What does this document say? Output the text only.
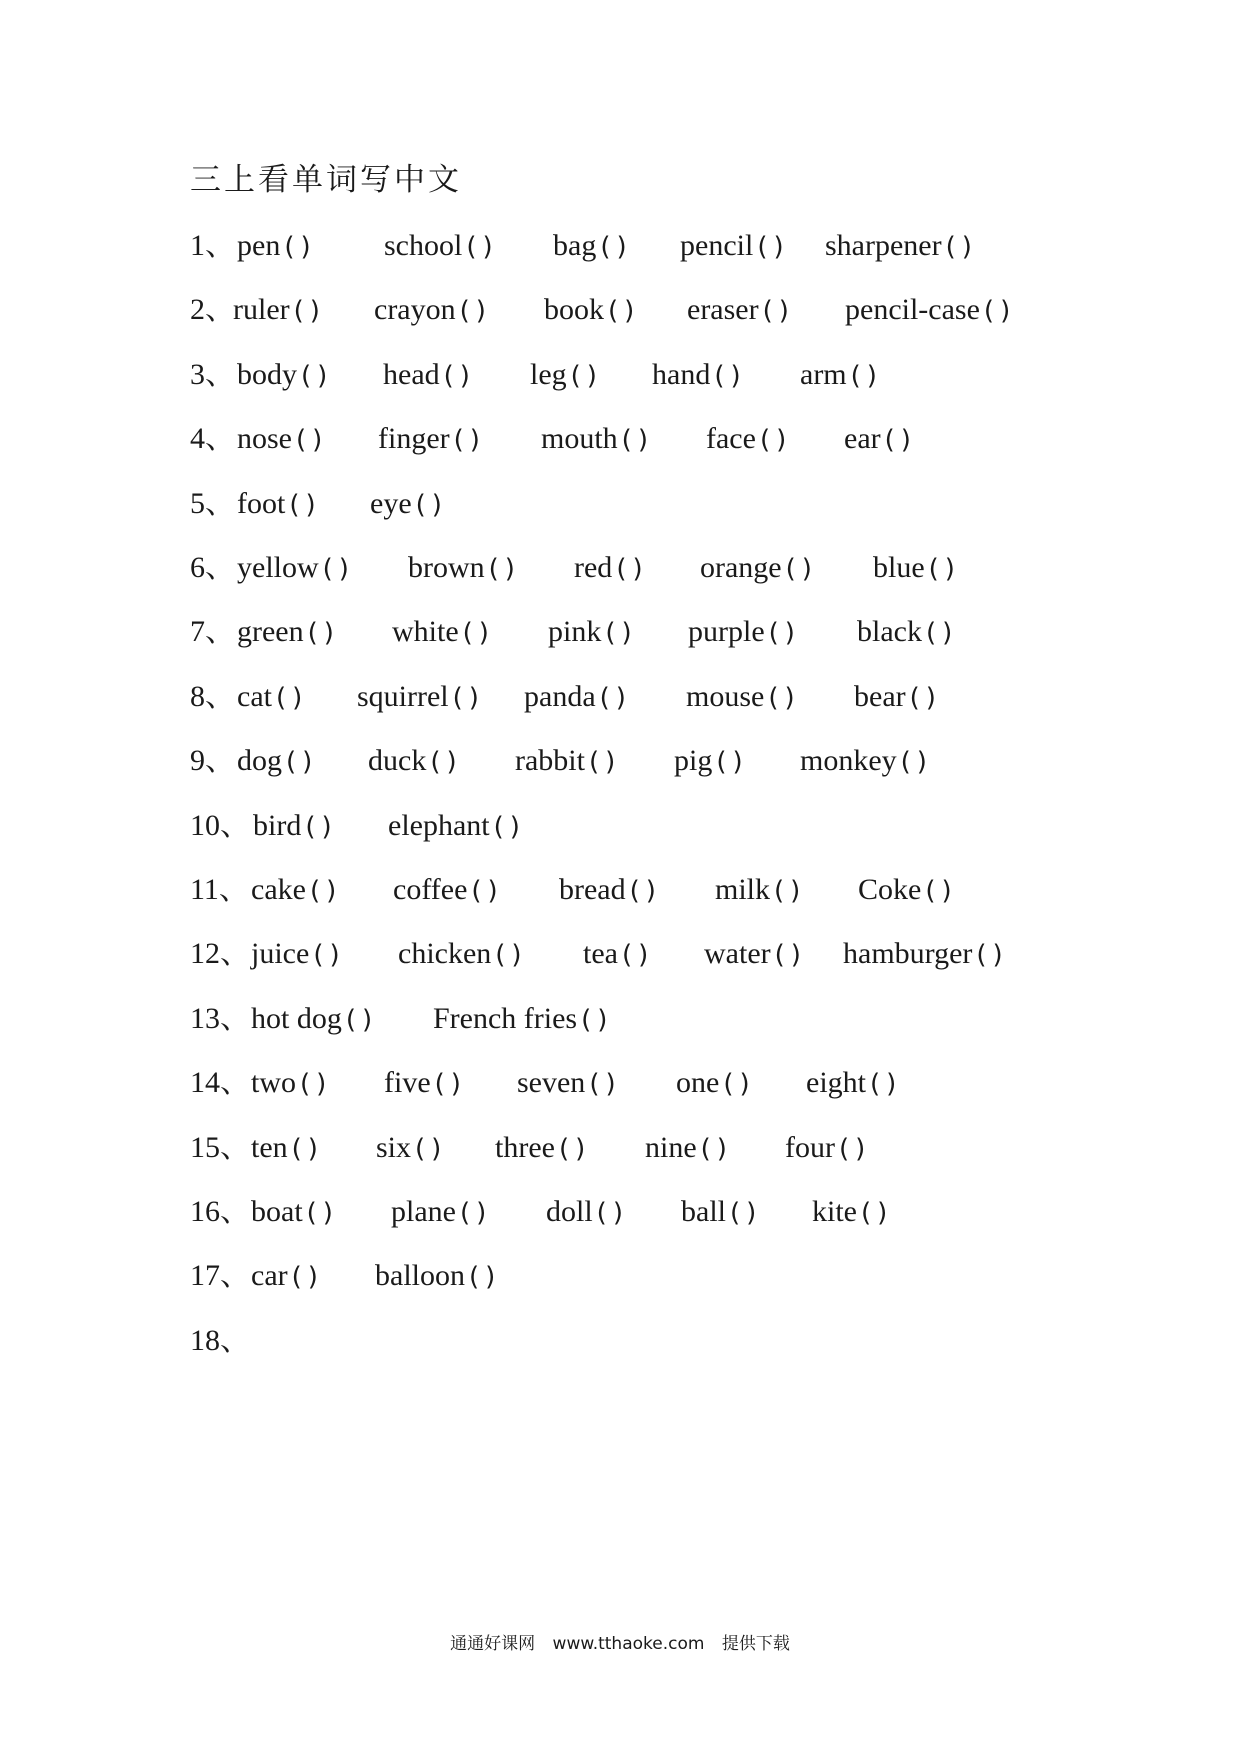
三上看单词写中文
1、 pen () school () bag () pencil () sharpener ()
2、
ruler () crayon () book () eraser () pencil-case ()
3、 body () head () leg () hand () arm ()
4、 nose () finger () mouth () face () ear ()
5、 foot () eye ()
6、 yellow () brown () red () orange () blue ()
7、 green () white () pink () purple () black ()
8、 cat () squirrel () panda () mouse () bear ()
9、 dog () duck () rabbit () pig () monkey ()
10、 bird () elephant ()
11、 cake () coffee () bread () milk () Coke ()
12、 juice () chicken () tea () water () hamburger ()
13、 hot dog () French fries ()
14、 two () five () seven () one () eight ()
15、 ten () six () three () nine () four ()
16、 boat () plane () doll () ball () kite ()
17、 car () balloon ()
18、
通通好课网 www.tthaoke.com 提供下载
